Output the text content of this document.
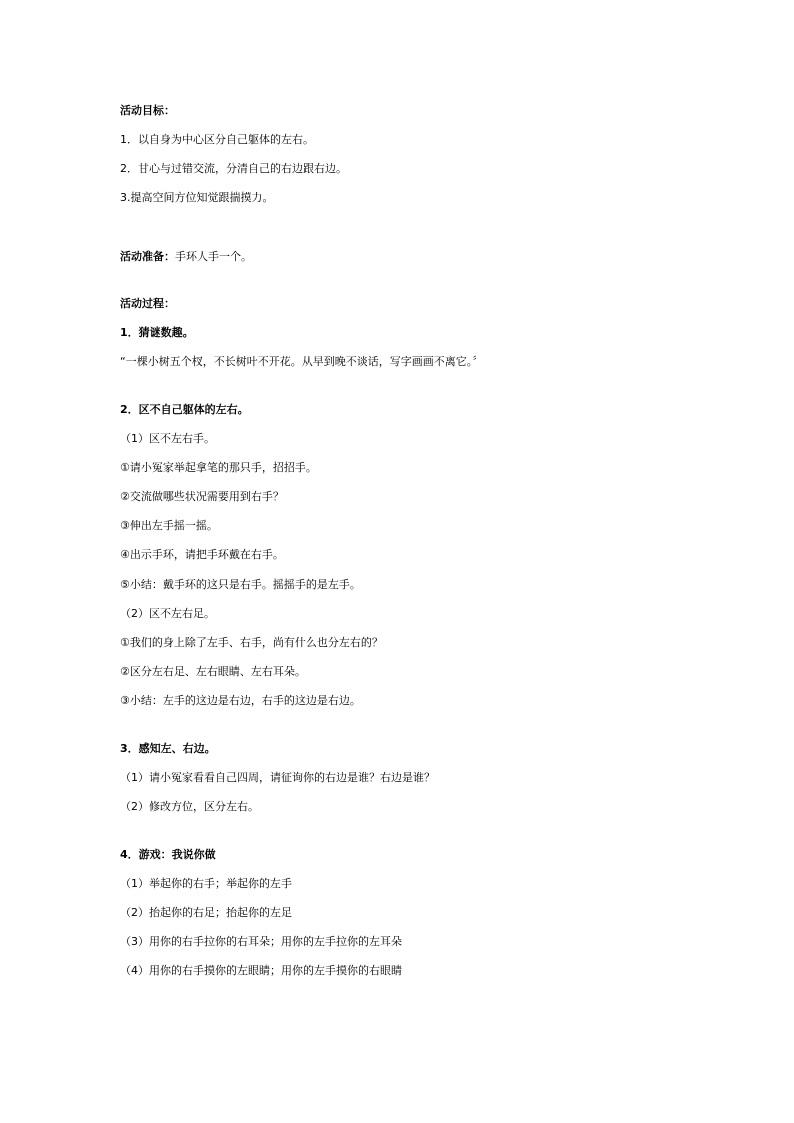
活动目标：
1．以自身为中心区分自己躯体的左右。
2．甘心与过错交流，分清自己的右边跟右边。
3.提高空间方位知觉跟揣摸力。
活动准备：手环人手一个。
活动过程：
1．猜谜数趣。
“一棵小树五个杈，不长树叶不开花。从早到晚不谈话，写字画画不离它。〞
2．区不自己躯体的左右。
（1）区不左右手。
①请小冤家举起拿笔的那只手，招招手。
②交流做哪些状况需要用到右手？
③伸出左手摇一摇。
④出示手环，请把手环戴在右手。
⑤小结：戴手环的这只是右手。摇摇手的是左手。
（2）区不左右足。
①我们的身上除了左手、右手，尚有什么也分左右的？
②区分左右足、左右眼睛、左右耳朵。
③小结：左手的这边是右边，右手的这边是右边。
3．感知左、右边。
（1）请小冤家看看自己四周，请征询你的右边是谁？右边是谁？
（2）修改方位，区分左右。
4．游戏：我说你做
（1）举起你的右手；举起你的左手
（2）抬起你的右足；抬起你的左足
（3）用你的右手拉你的右耳朵；用你的左手拉你的左耳朵
（4）用你的右手摸你的左眼睛；用你的左手摸你的右眼睛
